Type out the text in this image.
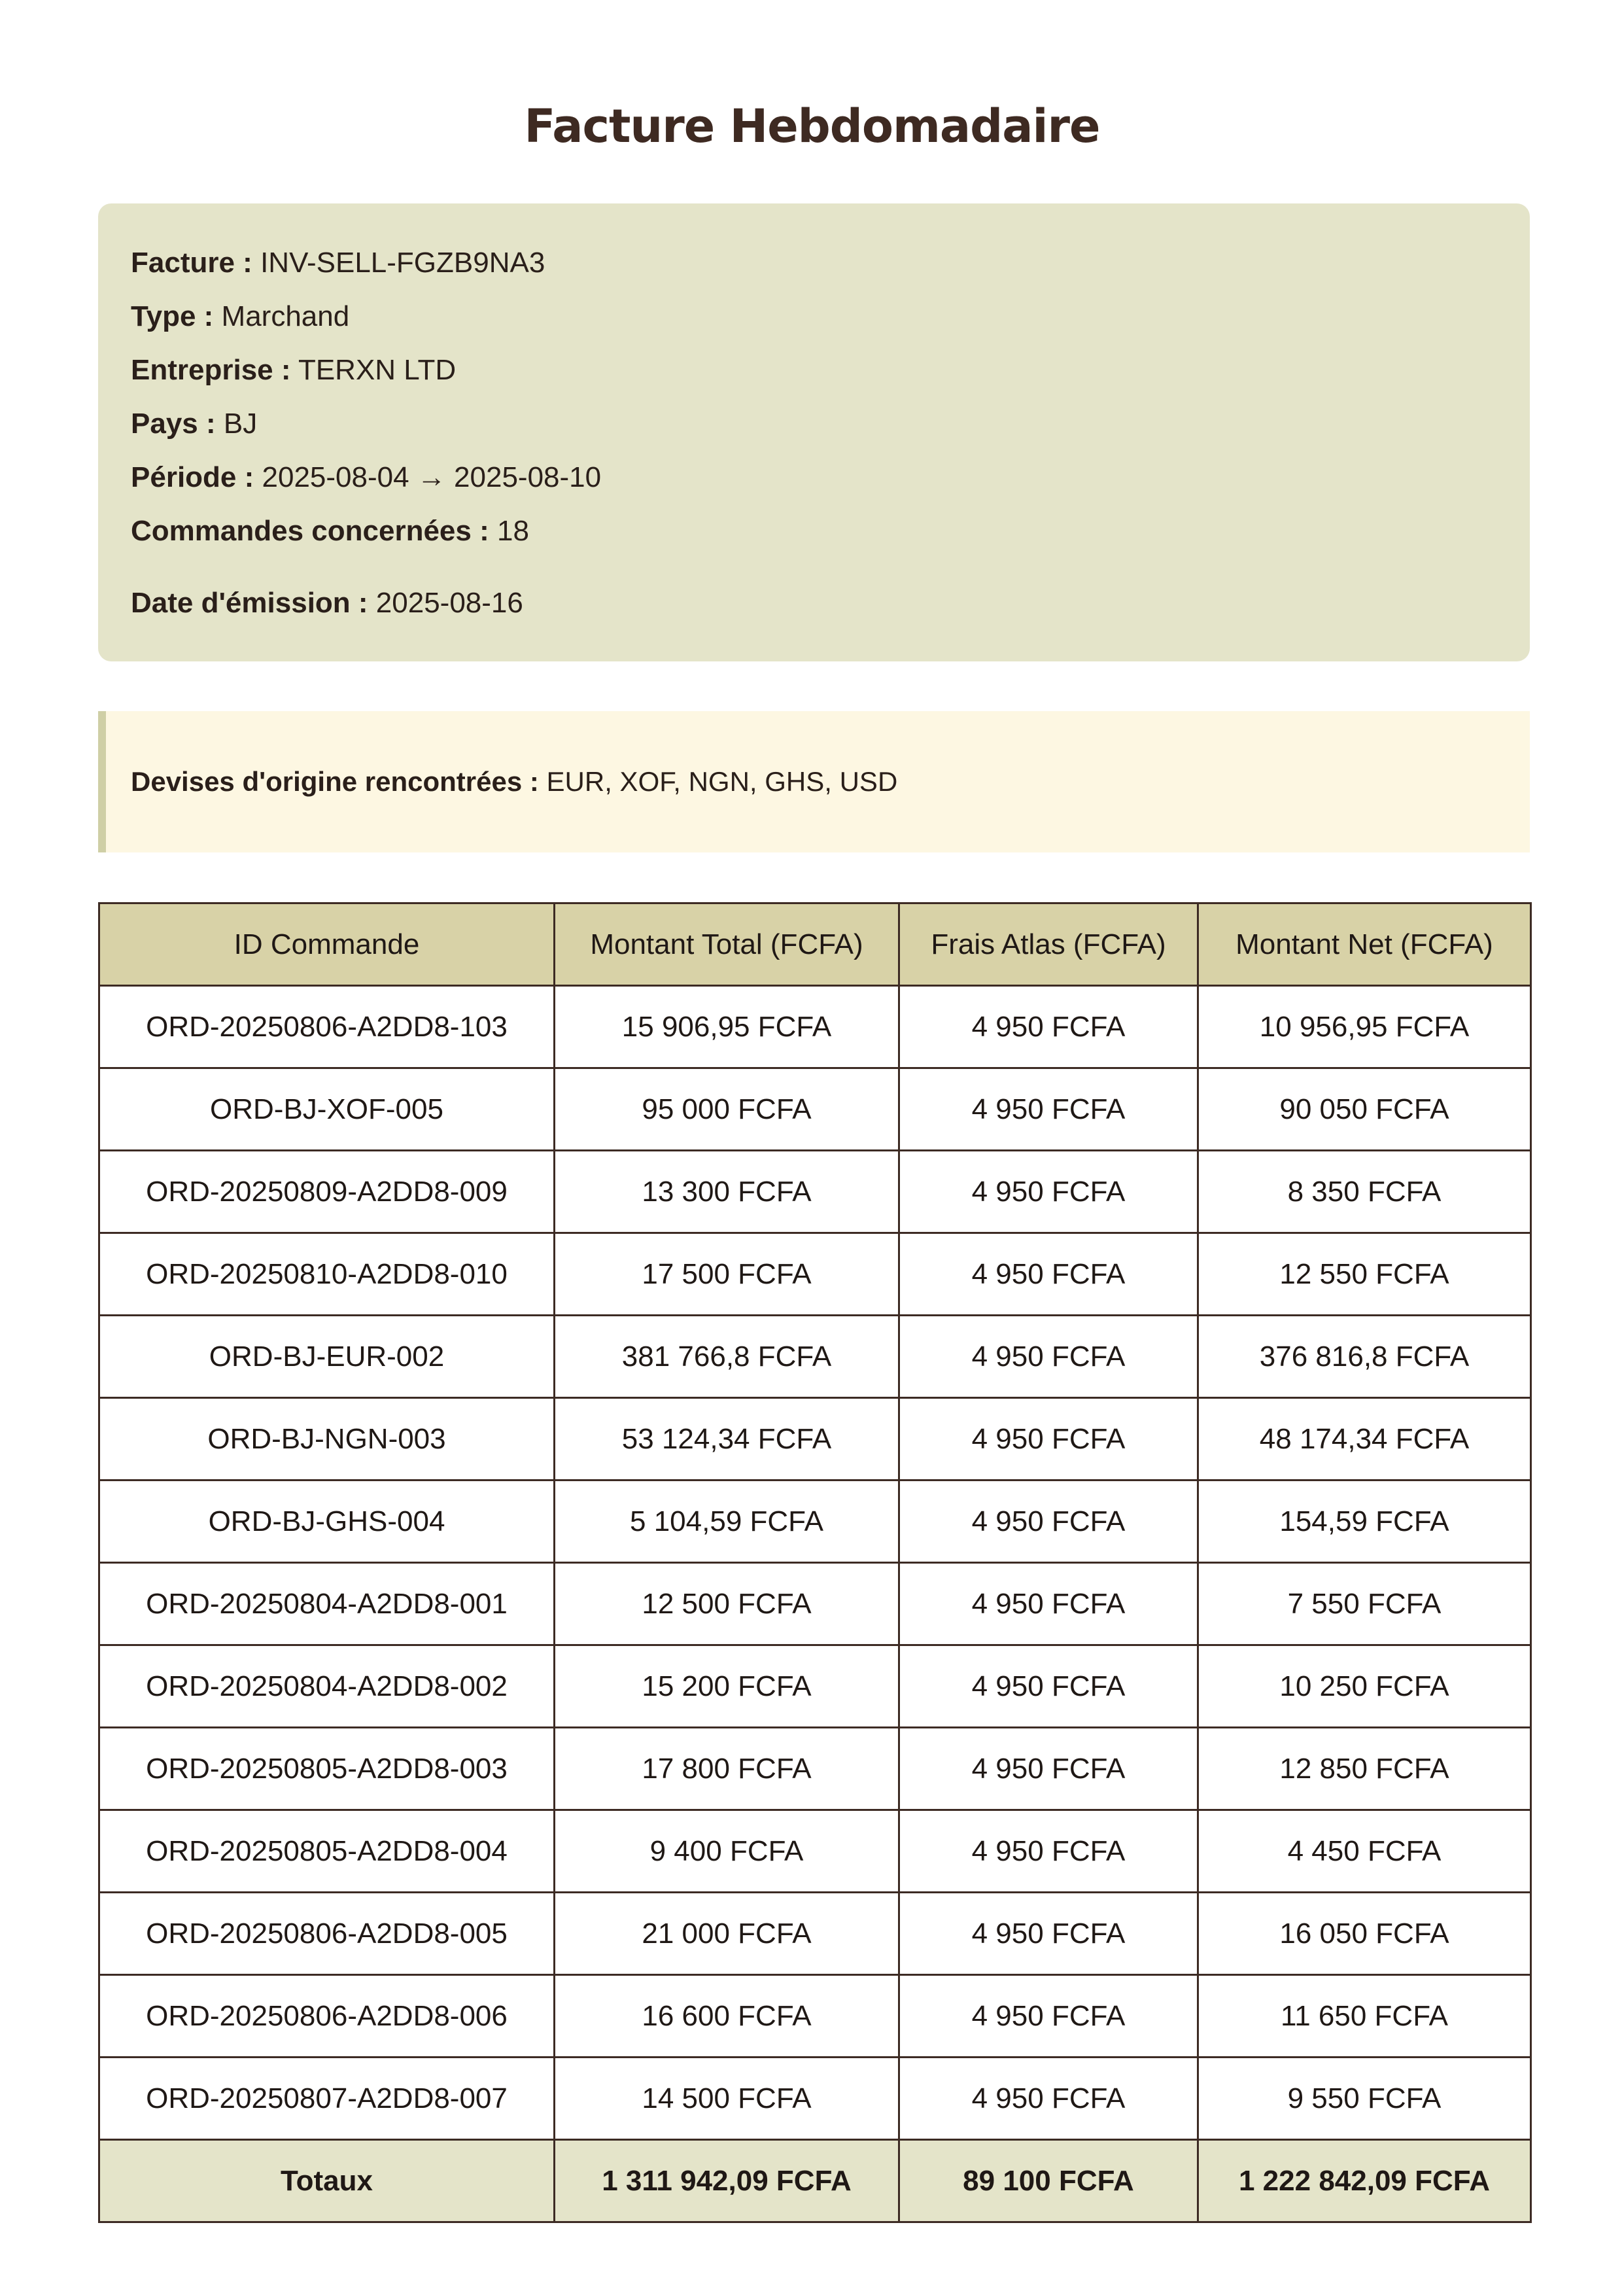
Facture Hebdomadaire
Facture : INV-SELL-FGZB9NA3
Type : Marchand
Entreprise : TERXN LTD
Pays : BJ
Période : 2025-08-04 → 2025-08-10
Commandes concernées : 18
Date d'émission : 2025-08-16
Devises d'origine rencontrées : EUR, XOF, NGN, GHS, USD
ID Commande	Montant Total (FCFA)	Frais Atlas (FCFA)	Montant Net (FCFA)
ORD-20250806-A2DD8-103	15 906,95 FCFA	4 950 FCFA	10 956,95 FCFA
ORD-BJ-XOF-005	95 000 FCFA	4 950 FCFA	90 050 FCFA
ORD-20250809-A2DD8-009	13 300 FCFA	4 950 FCFA	8 350 FCFA
ORD-20250810-A2DD8-010	17 500 FCFA	4 950 FCFA	12 550 FCFA
ORD-BJ-EUR-002	381 766,8 FCFA	4 950 FCFA	376 816,8 FCFA
ORD-BJ-NGN-003	53 124,34 FCFA	4 950 FCFA	48 174,34 FCFA
ORD-BJ-GHS-004	5 104,59 FCFA	4 950 FCFA	154,59 FCFA
ORD-20250804-A2DD8-001	12 500 FCFA	4 950 FCFA	7 550 FCFA
ORD-20250804-A2DD8-002	15 200 FCFA	4 950 FCFA	10 250 FCFA
ORD-20250805-A2DD8-003	17 800 FCFA	4 950 FCFA	12 850 FCFA
ORD-20250805-A2DD8-004	9 400 FCFA	4 950 FCFA	4 450 FCFA
ORD-20250806-A2DD8-005	21 000 FCFA	4 950 FCFA	16 050 FCFA
ORD-20250806-A2DD8-006	16 600 FCFA	4 950 FCFA	11 650 FCFA
ORD-20250807-A2DD8-007	14 500 FCFA	4 950 FCFA	9 550 FCFA
Totaux	1 311 942,09 FCFA	89 100 FCFA	1 222 842,09 FCFA
